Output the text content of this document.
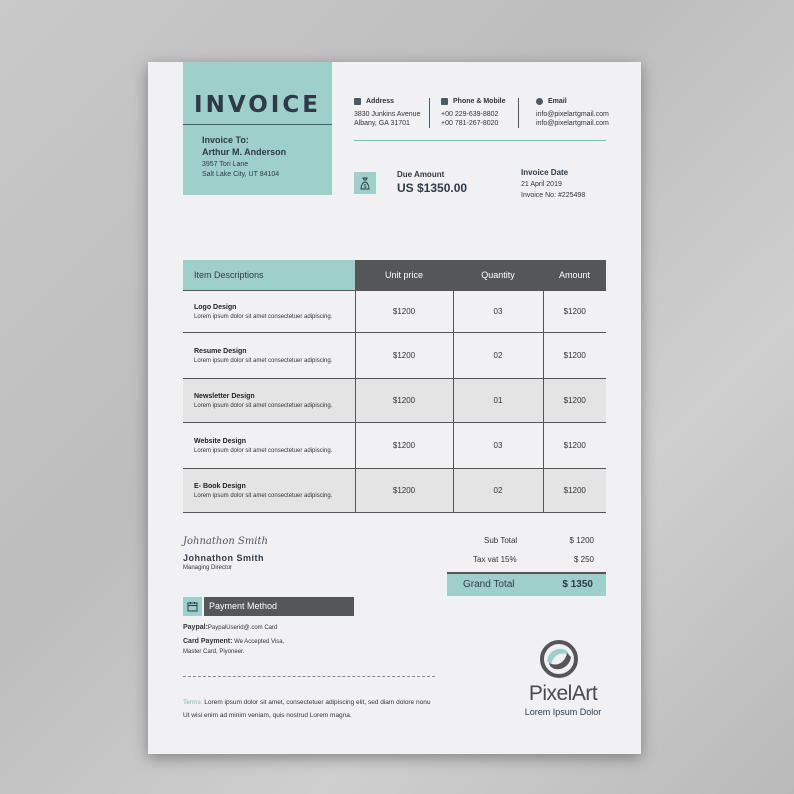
INVOICE
Invoice To:
Arthur M. Anderson
3957 Tori Lane
Salt Lake City, UT 84104
Address
3830 Junkins Avenue
Albany, GA 31701
Phone & Mobile
+00 229-639-8802
+00 781-267-8020
Email
info@pixelartgmail.com
info@pixelartgmail.com
$
Due Amount
US $1350.00
Invoice Date
21 April 2019
Invoice No: #225498
Item Descriptions	Unit price	Quantity	Amount

Logo Design
Lorem ipsum dolor sit amet consectetuer adipiscing.	$1200	03	$1200

Resume Design
Lorem ipsum dolor sit amet consectetuer adipiscing.	$1200	02	$1200

Newsletter Design
Lorem ipsum dolor sit amet consectetuer adipiscing.	$1200	01	$1200

Website Design
Lorem ipsum dolor sit amet consectetuer adipiscing.	$1200	03	$1200

E- Book Design
Lorem ipsum dolor sit amet consectetuer adipiscing.	$1200	02	$1200
Johnathon Smith
Johnathon Smith
Managing Director
Sub Total	$ 1200
Tax vat 15%	$ 250
Grand Total	$ 1350
Payment Method
Paypal:PaypalUserid@.com Card
Card Payment: We Accepted Visa,
Master Card, Piyoneer.
Terms: Lorem ipsum dolor sit amet, consectetuer adipiscing elit, sed diam dolore nonu
Ut wisi enim ad minim veniam, quis nostrud Lorem magna.
PixelArt
Lorem Ipsum Dolor
